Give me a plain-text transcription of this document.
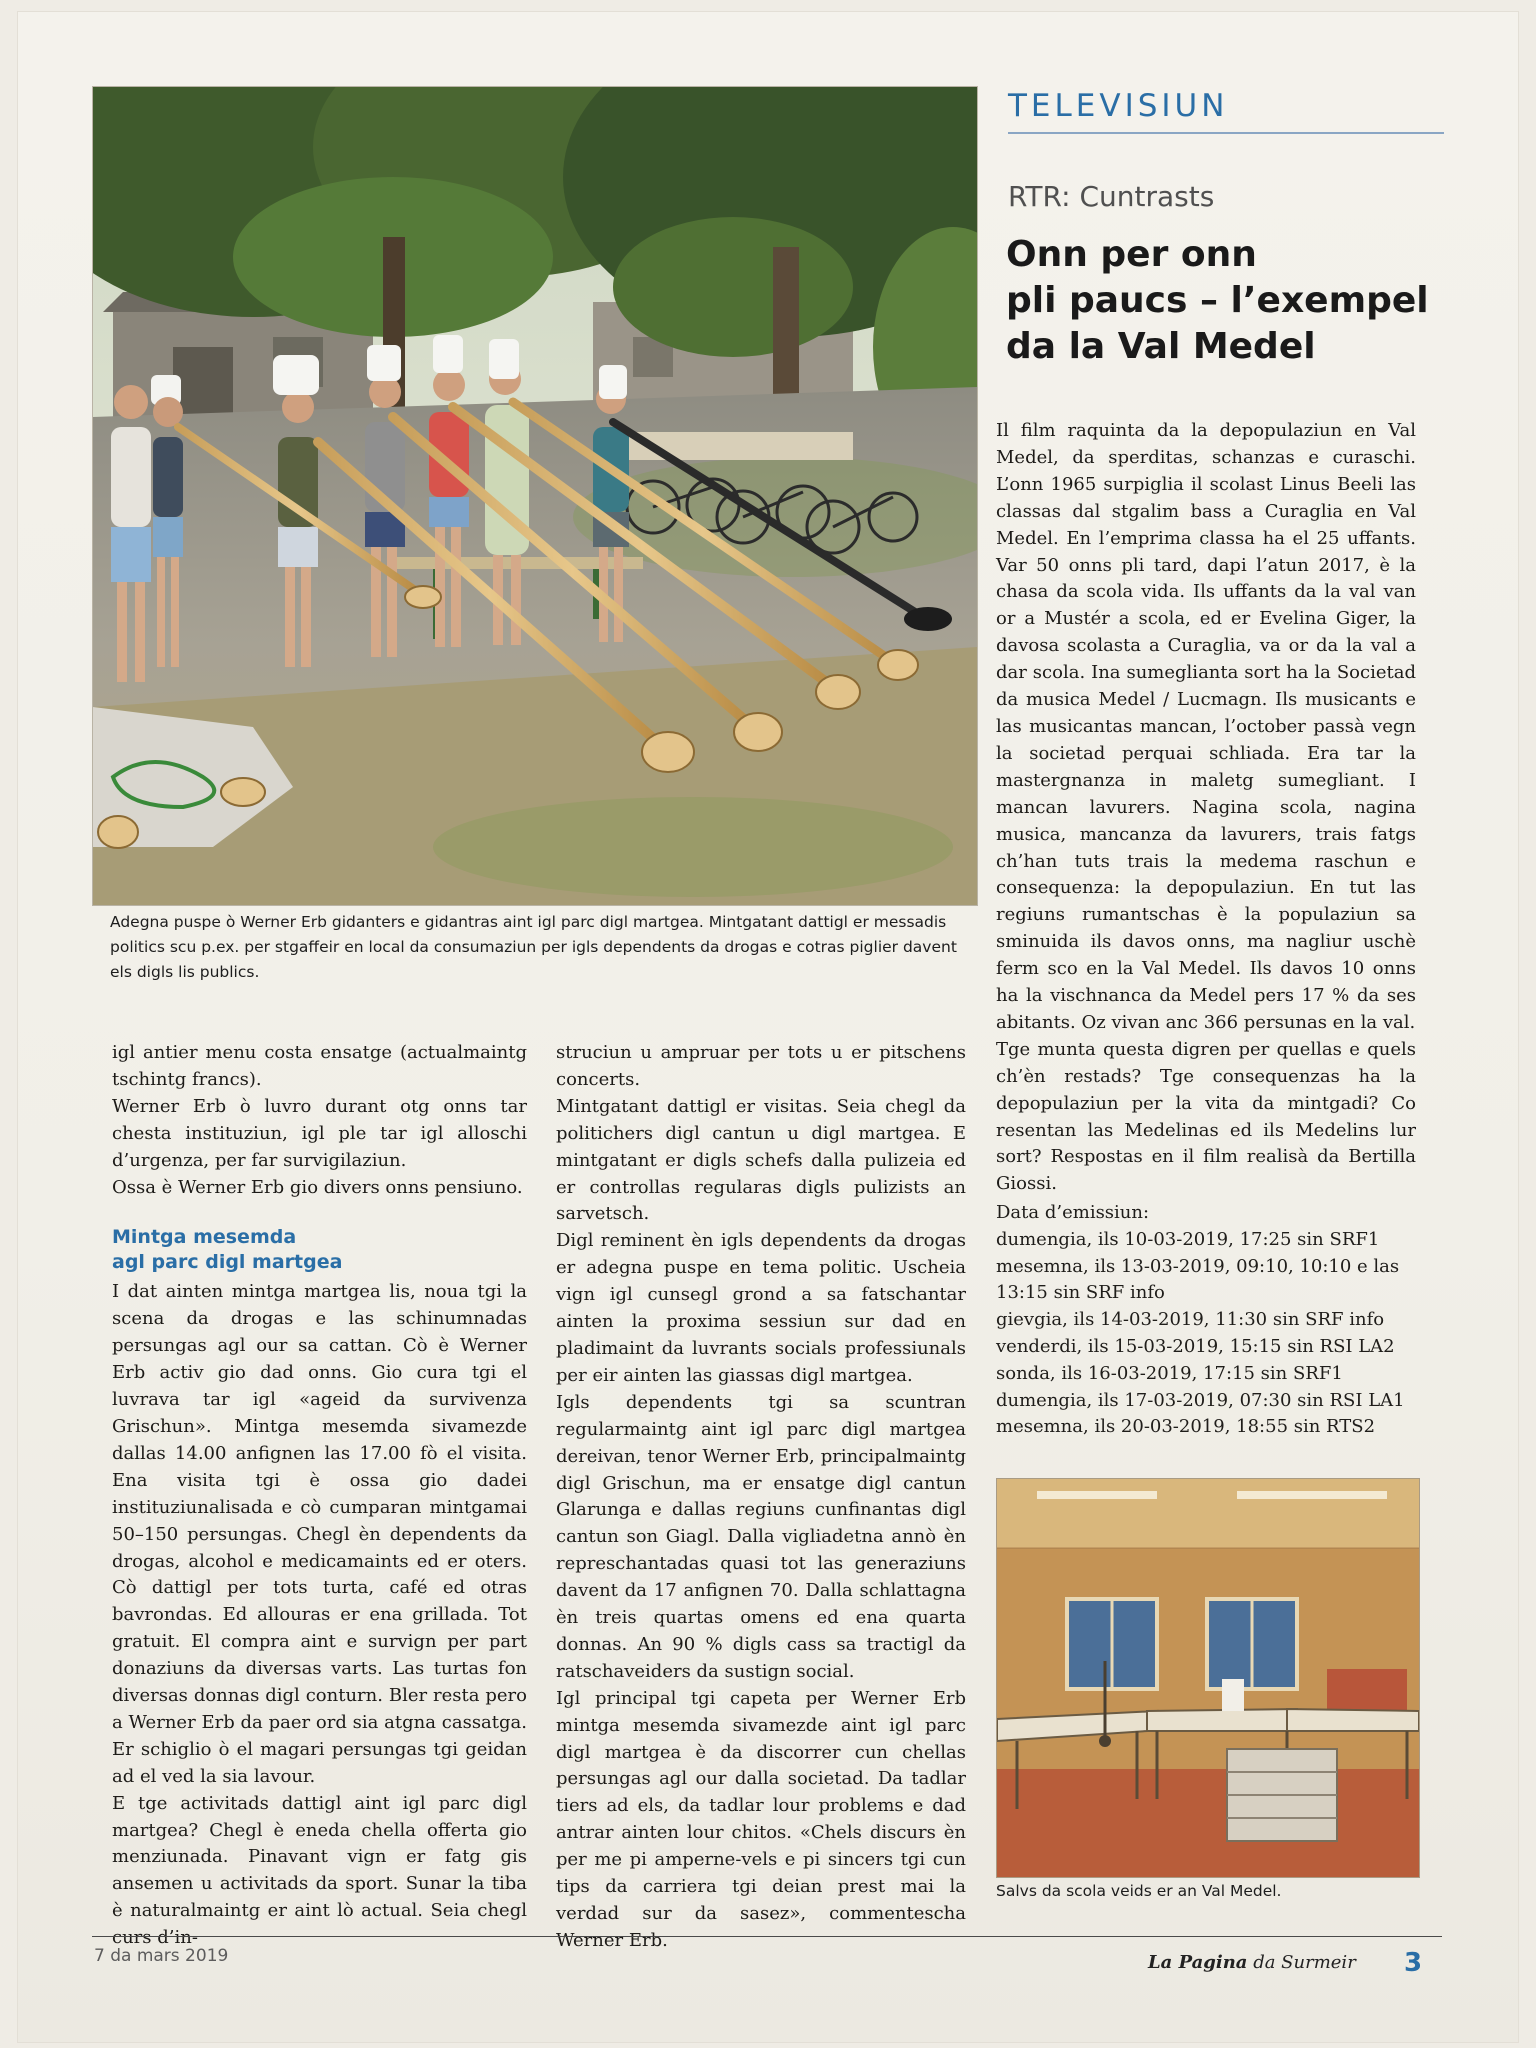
Adegna puspe ò Werner Erb gidanters e gidantras aint igl parc digl martgea. Mintgatant dattigl er messadis politics scu p.ex. per stgaffeir en local da consumaziun per igls dependents da drogas e cotras piglier davent els digls lis publics.

igl antier menu costa ensatge (actualmaintg tschintg francs).

Werner Erb ò luvro durant otg onns tar chesta instituziun, igl ple tar igl alloschi d’urgenza, per far survigilaziun.

Ossa è Werner Erb gio divers onns pensiuno.

Mintga mesemda
agl parc digl martgea

I dat ainten mintga martgea lis, noua tgi la scena da drogas e las schinumnadas persungas agl our sa cattan. Cò è Werner Erb activ gio dad onns. Gio cura tgi el luvrava tar igl «ageid da survivenza Grischun». Mintga mesemda sivamezde dallas 14.00 anfignen las 17.00 fò el visita. Ena visita tgi è ossa gio dadei instituziunalisada e cò cumparan mintgamai 50–150 persungas. Chegl èn dependents da drogas, alcohol e medicamaints ed er oters. Cò dattigl per tots turta, café ed otras bavrondas. Ed allouras er ena grillada. Tot gratuit. El compra aint e survign per part donaziuns da diversas varts. Las turtas fon diversas donnas digl conturn. Bler resta pero a Werner Erb da paer ord sia atgna cassatga. Er schiglio ò el magari persungas tgi geidan ad el ved la sia lavour.

E tge activitads dattigl aint igl parc digl martgea? Chegl è eneda chella offerta gio menziunada. Pinavant vign er fatg gis ansemen u activitads da sport. Sunar la tiba è naturalmaintg er aint lò actual. Seia chegl curs d’in-

struciun u ampruar per tots u er pitschens concerts.

Mintgatant dattigl er visitas. Seia chegl da politichers digl cantun u digl martgea. E mintgatant er digls schefs dalla pulizeia ed er controllas regularas digls pulizists an sarvetsch.

Digl reminent èn igls dependents da drogas er adegna puspe en tema politic. Uscheia vign igl cunsegl grond a sa fatschantar ainten la proxima sessiun sur dad en pladimaint da luvrants socials professiunals per eir ainten las giassas digl martgea.

Igls dependents tgi sa scuntran regularmaintg aint igl parc digl martgea dereivan, tenor Werner Erb, principalmaintg digl Grischun, ma er ensatge digl cantun Glarunga e dallas regiuns cunfinantas digl cantun son Giagl. Dalla vigliadetna annò èn represchantadas quasi tot las generaziuns davent da 17 anfignen 70. Dalla schlattagna èn treis quartas omens ed ena quarta donnas. An 90 % digls cass sa tractigl da ratschaveiders da sustign social.

Igl principal tgi capeta per Werner Erb mintga mesemda sivamezde aint igl parc digl martgea è da discorrer cun chellas persungas agl our dalla societad. Da tadlar tiers ad els, da tadlar lour problems e dad antrar ainten lour chitos. «Chels discurs èn per me pi amperne-vels e pi sincers tgi cun tips da carriera tgi deian prest mai la verdad sur da sasez», commentescha Werner Erb.

TELEVISIUN
RTR: Cuntrasts
Onn per onn
pli paucs – l’exempel
da la Val Medel

Il film raquinta da la depopulaziun en Val Medel, da sperditas, schanzas e curaschi. L’onn 1965 surpiglia il scolast Linus Beeli las classas dal stgalim bass a Curaglia en Val Medel. En l’emprima classa ha el 25 uffants. Var 50 onns pli tard, dapi l’atun 2017, è la chasa da scola vida. Ils uffants da la val van or a Mustér a scola, ed er Evelina Giger, la davosa scolasta a Curaglia, va or da la val a dar scola. Ina sumeglianta sort ha la Societad da musica Medel / Lucmagn. Ils musicants e las musicantas mancan, l’october passà vegn la societad perquai schliada. Era tar la mastergnanza in maletg sumegliant. I mancan lavurers. Nagina scola, nagina musica, mancanza da lavurers, trais fatgs ch’han tuts trais la medema raschun e consequenza: la depopulaziun. En tut las regiuns rumantschas è la populaziun sa sminuida ils davos onns, ma nagliur uschè ferm sco en la Val Medel. Ils davos 10 onns ha la vischnanca da Medel pers 17 % da ses abitants. Oz vivan anc 366 persunas en la val.

Tge munta questa digren per quellas e quels ch’èn restads? Tge consequenzas ha la depopulaziun per la vita da mintgadi? Co resentan las Medelinas ed ils Medelins lur sort? Respostas en il film realisà da Bertilla Giossi.

Data d’emissiun:
dumengia, ils 10-03-2019, 17:25 sin SRF1
mesemna, ils 13-03-2019, 09:10, 10:10 e las
13:15 sin SRF info
gievgia, ils 14-03-2019, 11:30 sin SRF info
venderdi, ils 15-03-2019, 15:15 sin RSI LA2
sonda, ils 16-03-2019, 17:15 sin SRF1
dumengia, ils 17-03-2019, 07:30 sin RSI LA1
mesemna, ils 20-03-2019, 18:55 sin RTS2
Salvs da scola veids er an Val Medel.
7 da mars 2019	La Pagina da Surmeir 3
